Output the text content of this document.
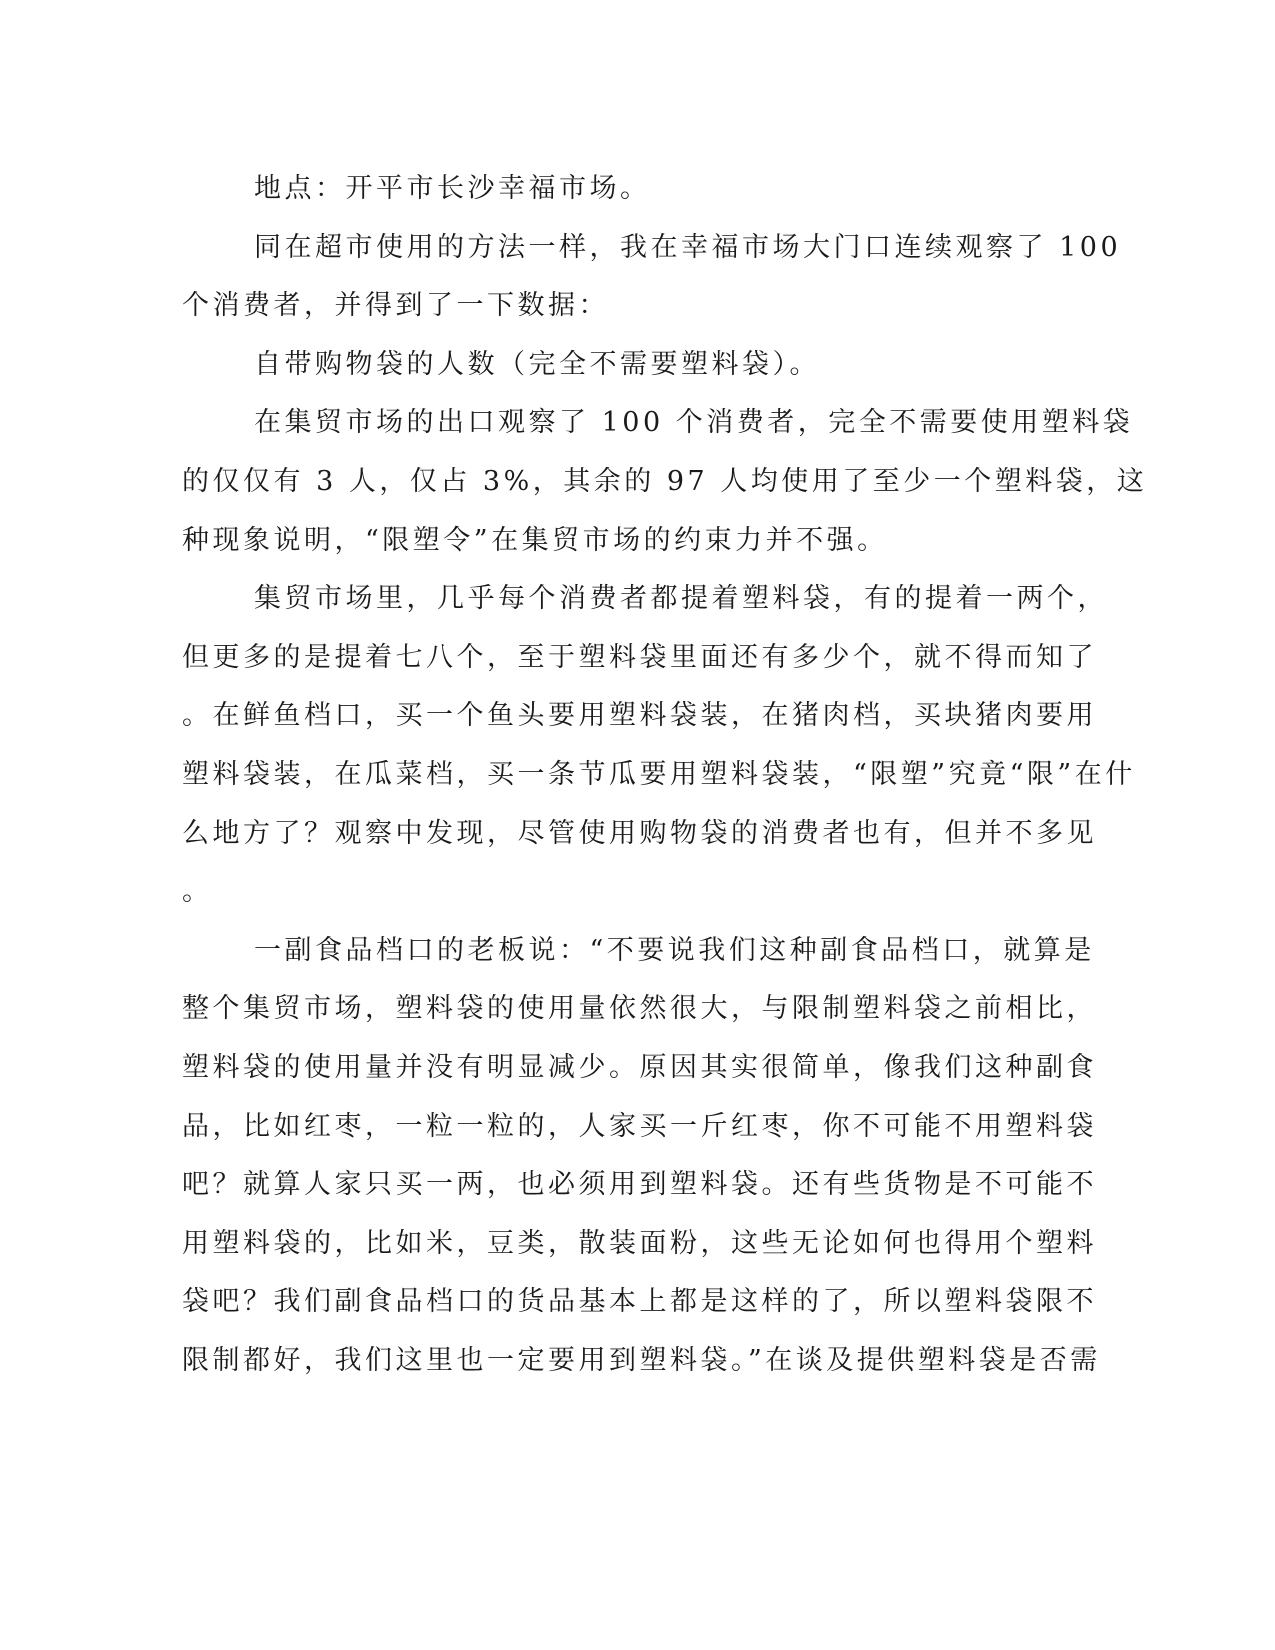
地点：开平市长沙幸福市场。
同在超市使用的方法一样，我在幸福市场大门口连续观察了 100
个消费者，并得到了一下数据：
自带购物袋的人数（完全不需要塑料袋）。
在集贸市场的出口观察了 100 个消费者，完全不需要使用塑料袋
的仅仅有 3 人，仅占 3%，其余的 97 人均使用了至少一个塑料袋，这
种现象说明，“限塑令”在集贸市场的约束力并不强。
集贸市场里，几乎每个消费者都提着塑料袋，有的提着一两个，
但更多的是提着七八个，至于塑料袋里面还有多少个，就不得而知了
。在鲜鱼档口，买一个鱼头要用塑料袋装，在猪肉档，买块猪肉要用
塑料袋装，在瓜菜档，买一条节瓜要用塑料袋装，“限塑”究竟“限”在什
么地方了？观察中发现，尽管使用购物袋的消费者也有，但并不多见
。
一副食品档口的老板说：“不要说我们这种副食品档口，就算是
整个集贸市场，塑料袋的使用量依然很大，与限制塑料袋之前相比，
塑料袋的使用量并没有明显减少。原因其实很简单，像我们这种副食
品，比如红枣，一粒一粒的，人家买一斤红枣，你不可能不用塑料袋
吧？就算人家只买一两，也必须用到塑料袋。还有些货物是不可能不
用塑料袋的，比如米，豆类，散装面粉，这些无论如何也得用个塑料
袋吧？我们副食品档口的货品基本上都是这样的了，所以塑料袋限不
限制都好，我们这里也一定要用到塑料袋。”在谈及提供塑料袋是否需
